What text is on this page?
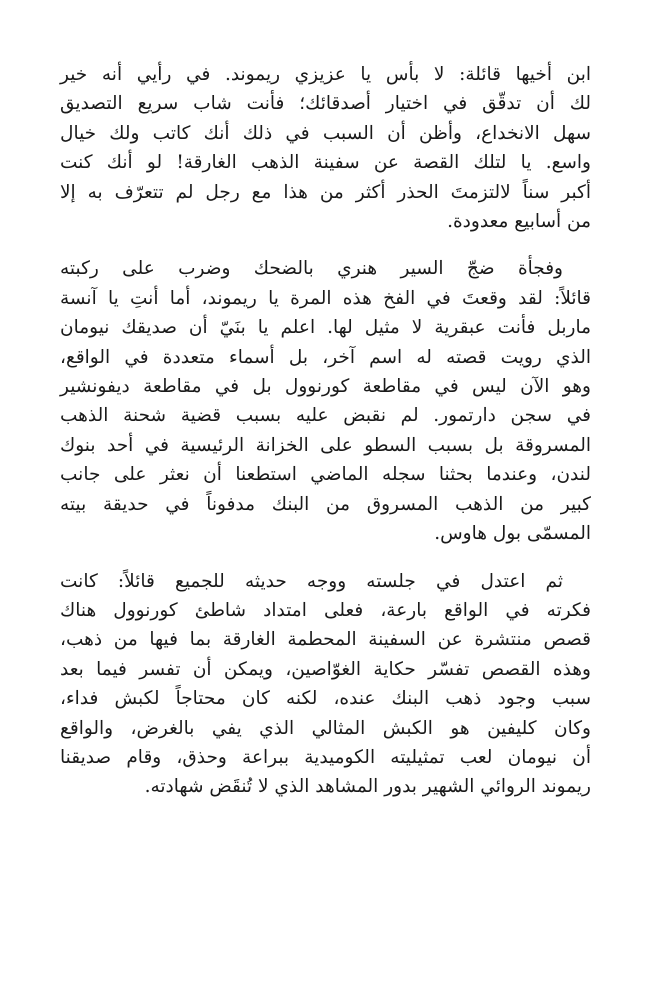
ابن أخيها قائلة: لا بأس يا عزيزي ريموند. في رأيي أنه خير
لك أن تدقّق في اختيار أصدقائك؛ فأنت شاب سريع التصديق
سهل الانخداع، وأظن أن السبب في ذلك أنك كاتب ولك خيال
واسع. يا لتلك القصة عن سفينة الذهب الغارقة! لو أنك كنت
أكبر سناً لالتزمتَ الحذر أكثر من هذا مع رجل لم تتعرّف به إلا
من أسابيع معدودة.
وفجأة ضجّ السير هنري بالضحك وضرب على ركبته
قائلاً: لقد وقعتَ في الفخ هذه المرة يا ريموند، أما أنتِ يا آنسة
ماربل فأنت عبقرية لا مثيل لها. اعلم يا بنَيّ أن صديقك نيومان
الذي رويت قصته له اسم آخر، بل أسماء متعددة في الواقع،
وهو الآن ليس في مقاطعة كورنوول بل في مقاطعة ديفونشير
في سجن دارتمور. لم نقبض عليه بسبب قضية شحنة الذهب
المسروقة بل بسبب السطو على الخزانة الرئيسية في أحد بنوك
لندن، وعندما بحثنا سجله الماضي استطعنا أن نعثر على جانب
كبير من الذهب المسروق من البنك مدفوناً في حديقة بيته
المسمّى بول هاوس.
ثم اعتدل في جلسته ووجه حديثه للجميع قائلاً: كانت
فكرته في الواقع بارعة، فعلى امتداد شاطئ كورنوول هناك
قصص منتشرة عن السفينة المحطمة الغارقة بما فيها من ذهب،
وهذه القصص تفسّر حكاية الغوّاصين، ويمكن أن تفسر فيما بعد
سبب وجود ذهب البنك عنده، لكنه كان محتاجاً لكبش فداء،
وكان كليفين هو الكبش المثالي الذي يفي بالغرض، والواقع
أن نيومان لعب تمثيليته الكوميدية ببراعة وحذق، وقام صديقنا
ريموند الروائي الشهير بدور المشاهد الذي لا تُنقَض شهادته.
